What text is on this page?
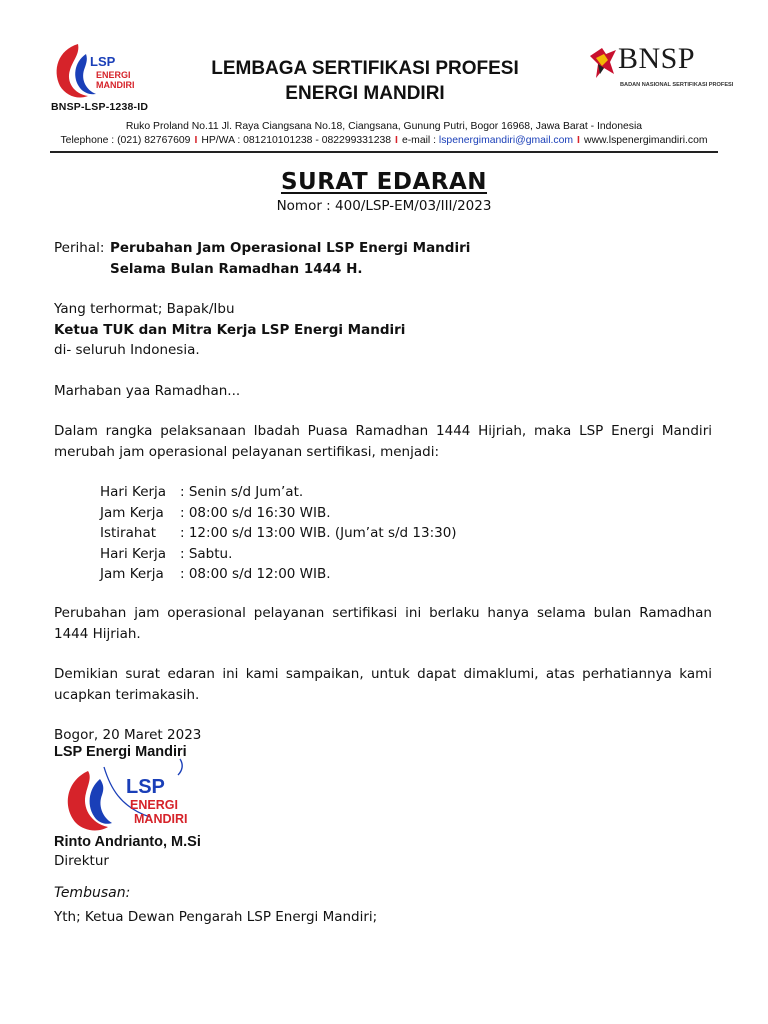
LSP
ENERGI
MANDIRI
BNSP-LSP-1238-ID
LEMBAGA SERTIFIKASI PROFESI
ENERGI MANDIRI
BNSP
BADAN NASIONAL SERTIFIKASI PROFESI
Ruko Proland No.11 Jl. Raya Ciangsana No.18, Ciangsana, Gunung Putri, Bogor 16968, Jawa Barat - Indonesia
Telephone : (021) 82767609 I HP/WA : 081210101238 - 082299331238 I e-mail : lspenergimandiri@gmail.com I www.lspenergimandiri.com
SURAT EDARAN
Nomor : 400/LSP-EM/03/III/2023
Perihal: Perubahan Jam Operasional LSP Energi Mandiri
Selama Bulan Ramadhan 1444 H.
Yang terhormat; Bapak/Ibu
Ketua TUK dan Mitra Kerja LSP Energi Mandiri
di- seluruh Indonesia.
Marhaban yaa Ramadhan...
Dalam rangka pelaksanaan Ibadah Puasa Ramadhan 1444 Hijriah, maka LSP Energi Mandiri merubah jam operasional pelayanan sertifikasi, menjadi:
Hari Kerja	: Senin s/d Jum’at.
Jam Kerja	: 08:00 s/d 16:30 WIB.
Istirahat	: 12:00 s/d 13:00 WIB. (Jum’at s/d 13:30)
Hari Kerja	: Sabtu.
Jam Kerja	: 08:00 s/d 12:00 WIB.
Perubahan jam operasional pelayanan sertifikasi ini berlaku hanya selama bulan Ramadhan 1444 Hijriah.
Demikian surat edaran ini kami sampaikan, untuk dapat dimaklumi, atas perhatiannya kami ucapkan terimakasih.
Bogor, 20 Maret 2023
LSP Energi Mandiri
LSP
ENERGI
MANDIRI
Rinto Andrianto, M.Si
Direktur
Tembusan:
Yth; Ketua Dewan Pengarah LSP Energi Mandiri;
